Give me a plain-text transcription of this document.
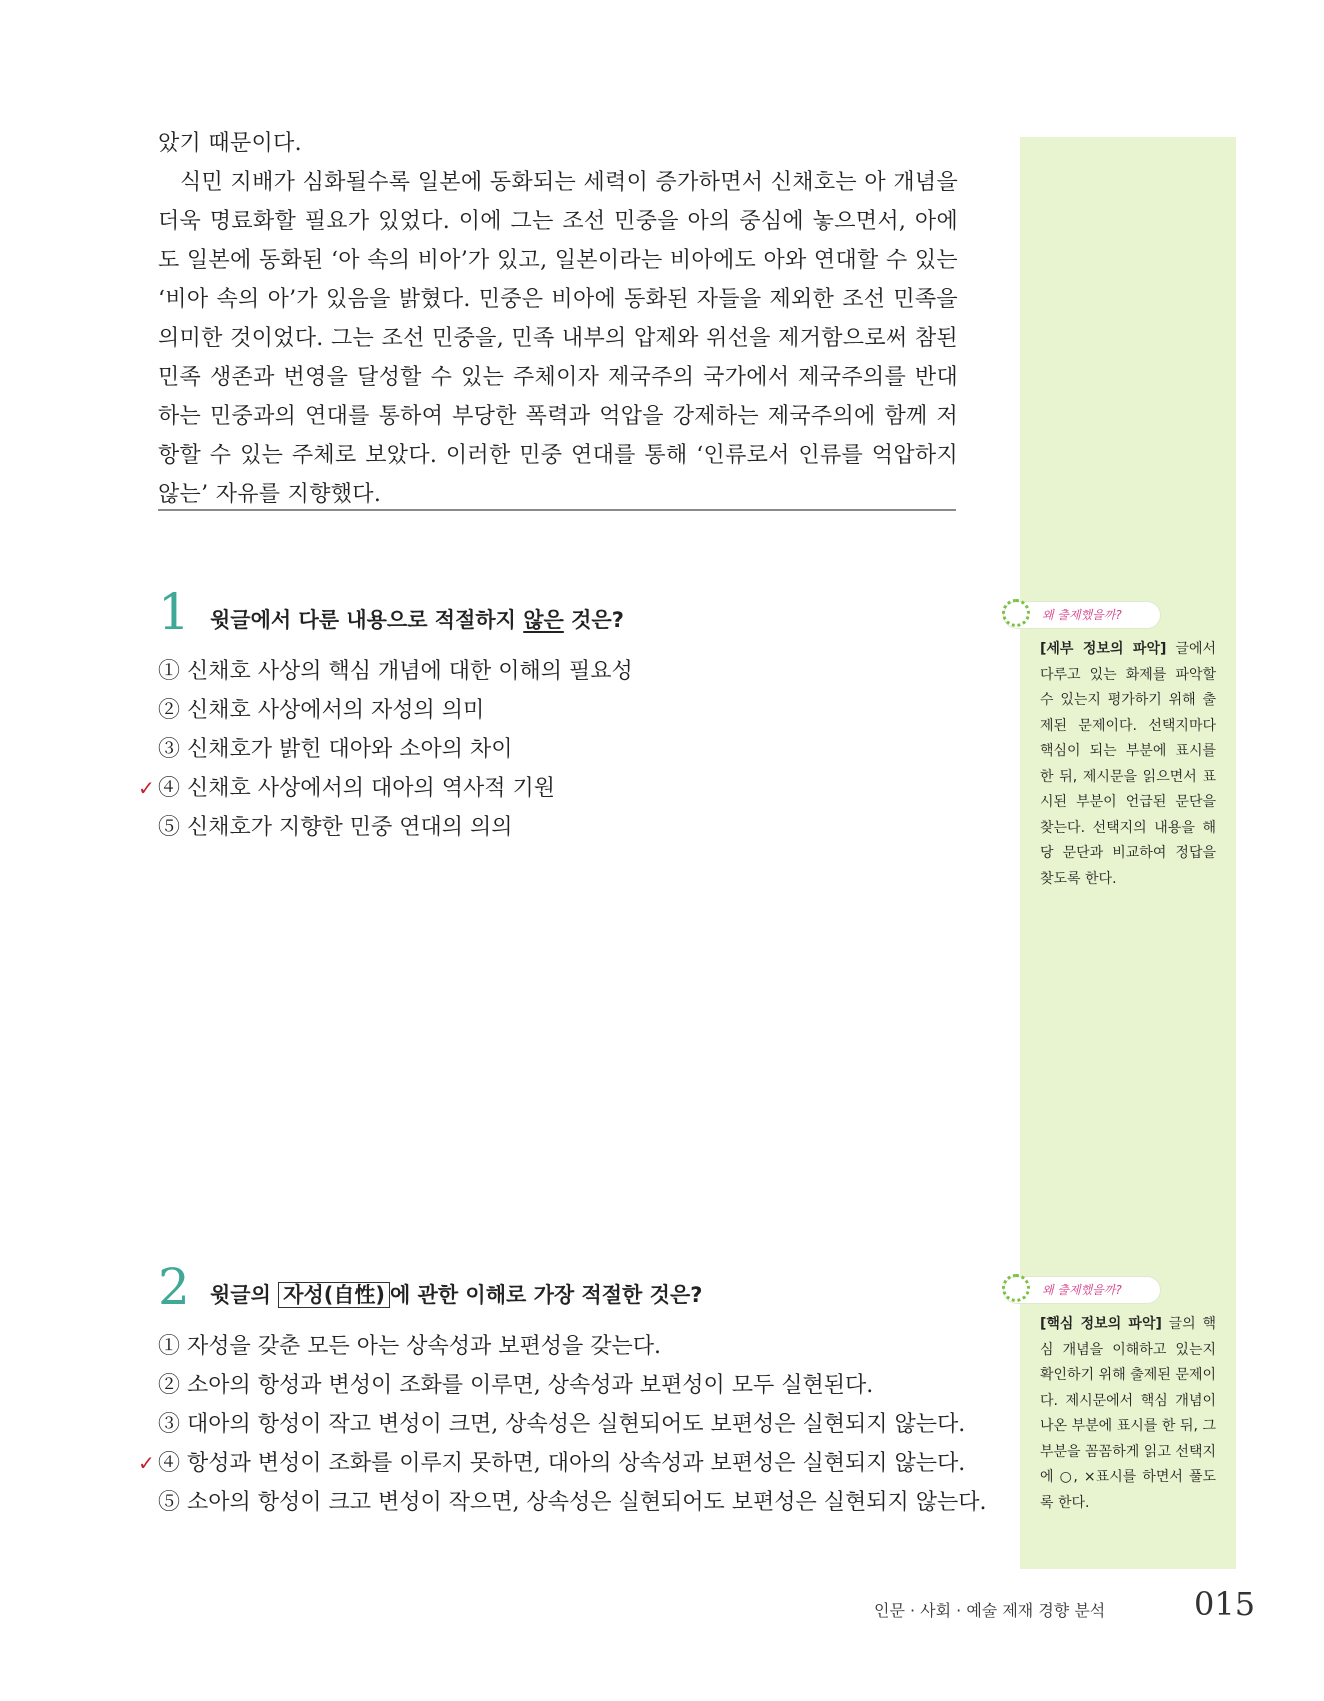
았기 때문이다.

식민 지배가 심화될수록 일본에 동화되는 세력이 증가하면서 신채호는 아 개념을 더욱 명료화할 필요가 있었다. 이에 그는 조선 민중을 아의 중심에 놓으면서, 아에도 일본에 동화된 ‘아 속의 비아’가 있고, 일본이라는 비아에도 아와 연대할 수 있는 ‘비아 속의 아’가 있음을 밝혔다. 민중은 비아에 동화된 자들을 제외한 조선 민족을 의미한 것이었다. 그는 조선 민중을, 민족 내부의 압제와 위선을 제거함으로써 참된 민족 생존과 번영을 달성할 수 있는 주체이자 제국주의 국가에서 제국주의를 반대하는 민중과의 연대를 통하여 부당한 폭력과 억압을 강제하는 제국주의에 함께 저항할 수 있는 주체로 보았다. 이러한 민중 연대를 통해 ‘인류로서 인류를 억압하지 않는’ 자유를 지향했다.

1 윗글에서 다룬 내용으로 적절하지 않은 것은?
① 신채호 사상의 핵심 개념에 대한 이해의 필요성
② 신채호 사상에서의 자성의 의미
③ 신채호가 밝힌 대아와 소아의 차이
✓ ④ 신채호 사상에서의 대아의 역사적 기원
⑤ 신채호가 지향한 민중 연대의 의의
왜 출제했을까?
[세부 정보의 파악] 글에서 다루고 있는 화제를 파악할 수 있는지 평가하기 위해 출제된 문제이다. 선택지마다 핵심이 되는 부분에 표시를 한 뒤, 제시문을 읽으면서 표시된 부분이 언급된 문단을 찾는다. 선택지의 내용을 해당 문단과 비교하여 정답을 찾도록 한다.
2 윗글의 자성(自性) 에 관한 이해로 가장 적절한 것은?
① 자성을 갖춘 모든 아는 상속성과 보편성을 갖는다.
② 소아의 항성과 변성이 조화를 이루면, 상속성과 보편성이 모두 실현된다.
③ 대아의 항성이 작고 변성이 크면, 상속성은 실현되어도 보편성은 실현되지 않는다.
✓ ④ 항성과 변성이 조화를 이루지 못하면, 대아의 상속성과 보편성은 실현되지 않는다.
⑤ 소아의 항성이 크고 변성이 작으면, 상속성은 실현되어도 보편성은 실현되지 않는다.
왜 출제했을까?
[핵심 정보의 파악] 글의 핵심 개념을 이해하고 있는지 확인하기 위해 출제된 문제이다. 제시문에서 핵심 개념이 나온 부분에 표시를 한 뒤, 그 부분을 꼼꼼하게 읽고 선택지에 ○, ×표시를 하면서 풀도록 한다.
인문 · 사회 · 예술 제재 경향 분석	015
